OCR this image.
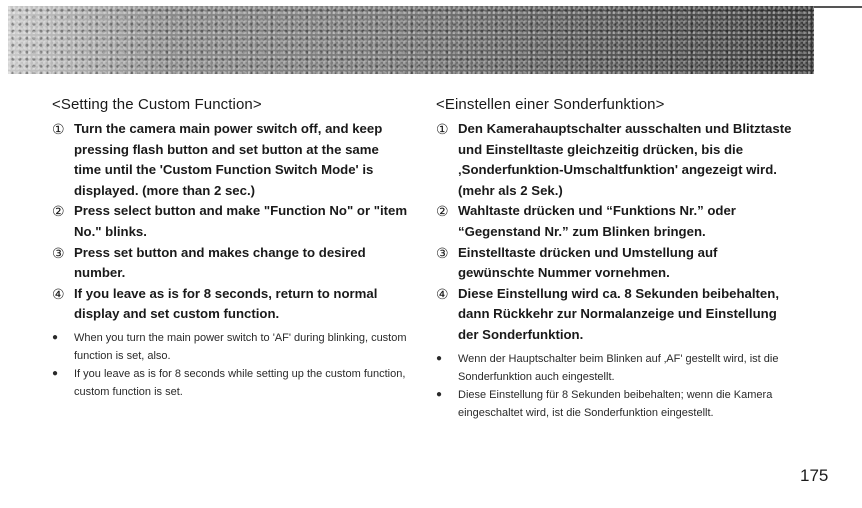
<Setting the Custom Function>
① Turn the camera main power switch off, and keep pressing flash button and set button at the same time until the 'Custom Function Switch Mode' is displayed. (more than 2 sec.)
② Press select button and make "Function No" or "item No." blinks.
③ Press set button and makes change to desired number.
④ If you leave as is for 8 seconds, return to normal display and set custom function.
●	When you turn the main power switch to 'AF' during blinking, custom function is set, also.
●	If you leave as is for 8 seconds while setting up the custom function, custom function is set.
<Einstellen einer Sonderfunktion>
① Den Kamerahauptschalter ausschalten und Blitztaste und Einstelltaste gleichzeitig drücken, bis die ‚Sonderfunktion-Umschaltfunktion' angezeigt wird. (mehr als 2 Sek.)
② Wahltaste drücken und “Funktions Nr.” oder “Gegenstand Nr.” zum Blinken bringen.
③ Einstelltaste drücken und Umstellung auf gewünschte Nummer vornehmen.
④ Diese Einstellung wird ca. 8 Sekunden beibehalten, dann Rückkehr zur Normalanzeige und Einstellung der Sonderfunktion.
●	Wenn der Hauptschalter beim Blinken auf ‚AF' gestellt wird, ist die Sonderfunktion auch eingestellt.
●	Diese Einstellung für 8 Sekunden beibehalten; wenn die Kamera eingeschaltet wird, ist die Sonderfunktion eingestellt.
175
